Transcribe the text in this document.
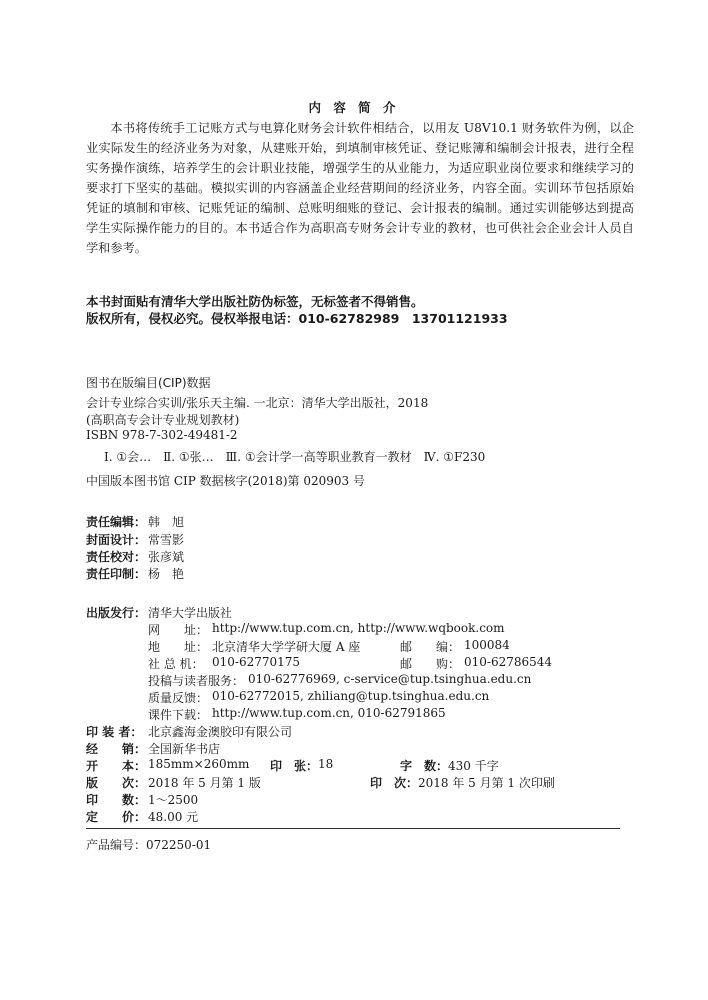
内 容 简 介

本书将传统手工记账方式与电算化财务会计软件相结合，以用友 U8V10.1 财务软件为例，以企业实际发生的经济业务为对象，从建账开始，到填制审核凭证、登记账簿和编制会计报表，进行全程实务操作演练，培养学生的会计职业技能，增强学生的从业能力，为适应职业岗位要求和继续学习的要求打下坚实的基础。模拟实训的内容涵盖企业经营期间的经济业务，内容全面。实训环节包括原始凭证的填制和审核、记账凭证的编制、总账明细账的登记、会计报表的编制。通过实训能够达到提高学生实际操作能力的目的。本书适合作为高职高专财务会计专业的教材，也可供社会企业会计人员自学和参考。

本书封面贴有清华大学出版社防伪标签，无标签者不得销售。
版权所有，侵权必究。侵权举报电话：010-62782989　13701121933
图书在版编目(CIP)数据
会计专业综合实训/张乐天主编. 一北京：清华大学出版社，2018
(高职高专会计专业规划教材)
ISBN 978-7-302-49481-2
Ⅰ. ①会…　Ⅱ. ①张…　Ⅲ. ①会计学一高等职业教育一教材　Ⅳ. ①F230
中国版本图书馆 CIP 数据核字(2018)第 020903 号
责任编辑： 韩　旭
封面设计： 常雪影
责任校对： 张彦斌
责任印制： 杨　艳
出版发行： 清华大学出版社
网　　址： http://www.tup.com.cn, http://www.wqbook.com
地　　址： 北京清华大学学研大厦 A 座	邮　　编： 100084
社 总 机： 010-62770175	邮　　购： 010-62786544
投稿与读者服务： 010-62776969, c-service@tup.tsinghua.edu.cn
质量反馈： 010-62772015, zhiliang@tup.tsinghua.edu.cn
课件下载： http://www.tup.com.cn, 010-62791865
印 装 者： 北京鑫海金澳胶印有限公司
经　　销： 全国新华书店
开　　本： 185mm×260mm 印　张： 18	字　数： 430 千字
版　　次： 2018 年 5 月第 1 版	印　次： 2018 年 5 月第 1 次印刷
印　　数： 1～2500
定　　价： 48.00 元
产品编号：072250-01
